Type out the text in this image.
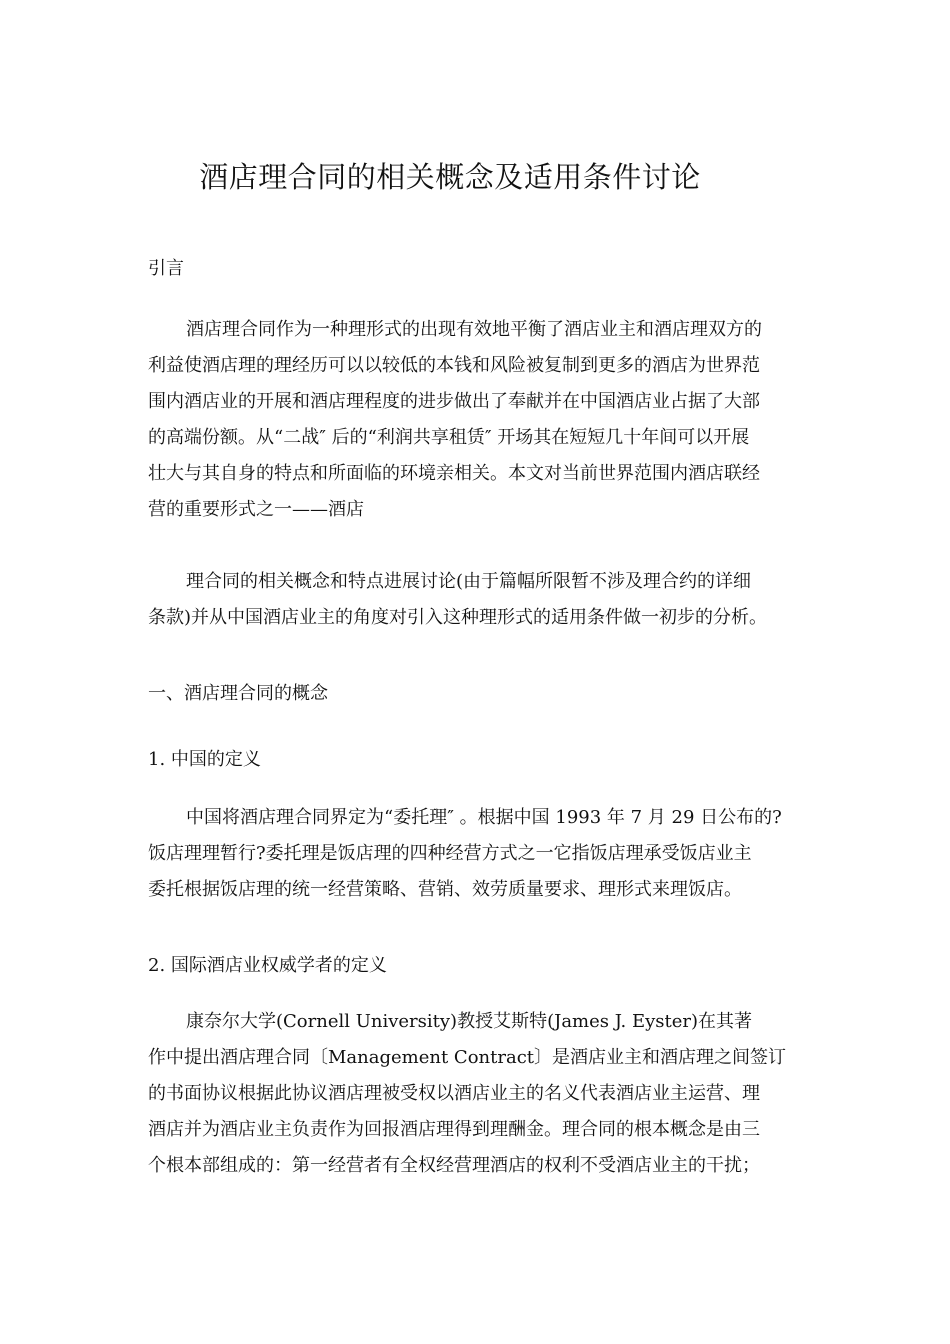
酒店理合同的相关概念及适用条件讨论
引言
酒店理合同作为一种理形式的出现有效地平衡了酒店业主和酒店理双方的
利益使酒店理的理经历可以以较低的本钱和风险被复制到更多的酒店为世界范
围内酒店业的开展和酒店理程度的进步做出了奉献并在中国酒店业占据了大部
的高端份额。从“二战″ 后的“利润共享租赁″ 开场其在短短几十年间可以开展
壮大与其自身的特点和所面临的环境亲相关。本文对当前世界范围内酒店联经
营的重要形式之一——酒店
理合同的相关概念和特点进展讨论(由于篇幅所限暂不涉及理合约的详细
条款)并从中国酒店业主的角度对引入这种理形式的适用条件做一初步的分析。
一、酒店理合同的概念
1. 中国的定义
中国将酒店理合同界定为“委托理″ 。根据中国 1993 年 7 月 29 日公布的?
饭店理理暂行?委托理是饭店理的四种经营方式之一它指饭店理承受饭店业主
委托根据饭店理的统一经营策略、营销、效劳质量要求、理形式来理饭店。
2. 国际酒店业权威学者的定义
康奈尔大学(Cornell University)教授艾斯特(James J. Eyster)在其著
作中提出酒店理合同〔Management Contract〕是酒店业主和酒店理之间签订
的书面协议根据此协议酒店理被受权以酒店业主的名义代表酒店业主运营、理
酒店并为酒店业主负责作为回报酒店理得到理酬金。理合同的根本概念是由三
个根本部组成的：第一经营者有全权经营理酒店的权利不受酒店业主的干扰；
